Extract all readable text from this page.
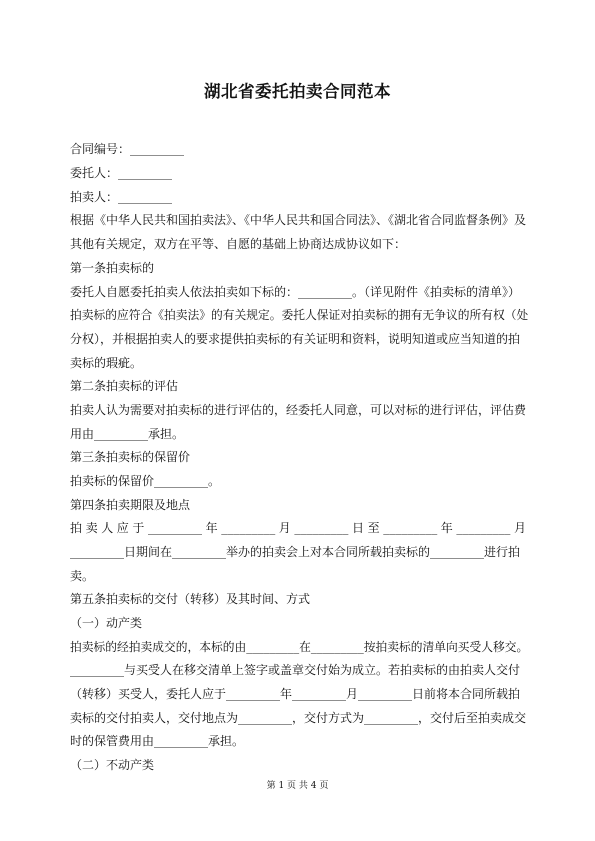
湖北省委托拍卖合同范本
合同编号：_________
委托人：_________
拍卖人：_________
根据《中华人民共和国拍卖法》、《中华人民共和国合同法》、《湖北省合同监督条例》及
其他有关规定，双方在平等、自愿的基础上协商达成协议如下：
第一条拍卖标的
委托人自愿委托拍卖人依法拍卖如下标的：_________。（详见附件《拍卖标的清单》）
拍卖标的应符合《拍卖法》的有关规定。委托人保证对拍卖标的拥有无争议的所有权（处
分权），并根据拍卖人的要求提供拍卖标的有关证明和资料，说明知道或应当知道的拍
卖标的瑕疵。
第二条拍卖标的评估
拍卖人认为需要对拍卖标的进行评估的，经委托人同意，可以对标的进行评估，评估费
用由_________承担。
第三条拍卖标的保留价
拍卖标的保留价_________。
第四条拍卖期限及地点
拍卖人应于_________年_________月_________日至_________年_________月
_________日期间在_________举办的拍卖会上对本合同所载拍卖标的_________进行拍
卖。
第五条拍卖标的交付（转移）及其时间、方式
（一）动产类
拍卖标的经拍卖成交的，本标的由_________在_________按拍卖标的清单向买受人移交。
_________与买受人在移交清单上签字或盖章交付始为成立。若拍卖标的由拍卖人交付
（转移）买受人，委托人应于_________年_________月_________日前将本合同所载拍
卖标的交付拍卖人，交付地点为_________，交付方式为_________，交付后至拍卖成交
时的保管费用由_________承担。
（二）不动产类
第 1 页 共 4 页
